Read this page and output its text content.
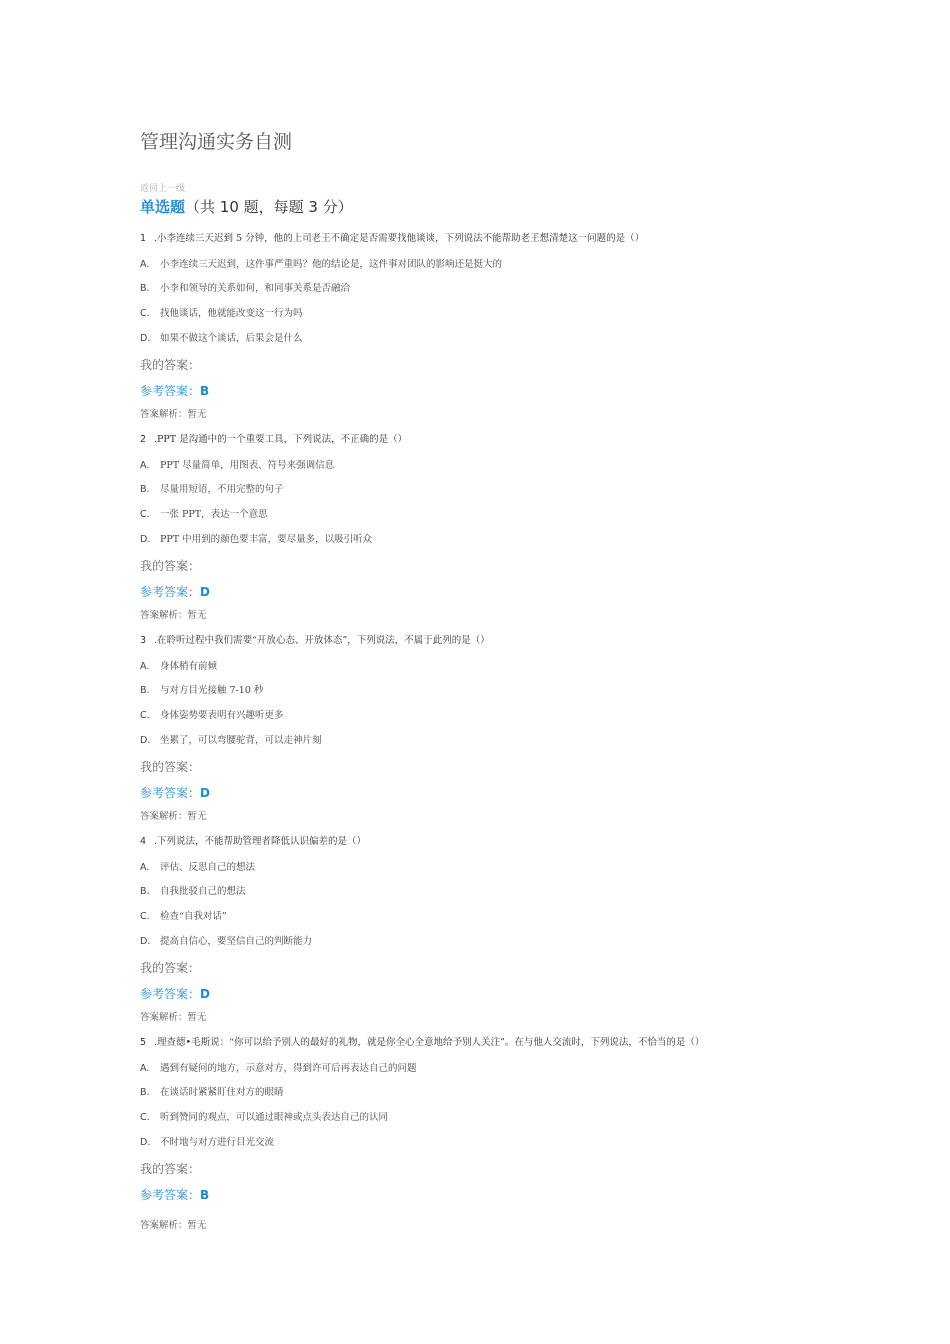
管理沟通实务自测
返回上一级
单选题（共 10 题，每题 3 分）
1 .小李连续三天迟到 5 分钟，他的上司老王不确定是否需要找他谈谈，下列说法不能帮助老王想清楚这一问题的是（）
A. 小李连续三天迟到，这件事严重吗？他的结论是，这件事对团队的影响还是挺大的
B. 小李和领导的关系如何，和同事关系是否融洽
C. 找他谈话，他就能改变这一行为吗
D. 如果不做这个谈话，后果会是什么
我的答案：
参考答案：B
答案解析：暂无
2 .PPT 是沟通中的一个重要工具，下列说法，不正确的是（）
A. PPT 尽量简单，用图表、符号来强调信息
B. 尽量用短语，不用完整的句子
C. 一张 PPT，表达一个意思
D. PPT 中用到的颜色要丰富，要尽量多，以吸引听众
我的答案：
参考答案：D
答案解析：暂无
3 .在聆听过程中我们需要“开放心态、开放体态”，下列说法，不属于此列的是（）
A. 身体稍有前倾
B. 与对方目光接触 7-10 秒
C. 身体姿势要表明有兴趣听更多
D. 坐累了，可以弯腰驼背，可以走神片刻
我的答案：
参考答案：D
答案解析：暂无
4 .下列说法，不能帮助管理者降低认识偏差的是（）
A. 评估、反思自己的想法
B. 自我批驳自己的想法
C. 检查“自我对话”
D. 提高自信心，要坚信自己的判断能力
我的答案：
参考答案：D
答案解析：暂无
5 .理查德•毛斯说：“你可以给予别人的最好的礼物，就是你全心全意地给予别人关注”。在与他人交流时，下列说法，不恰当的是（）
A. 遇到有疑问的地方，示意对方，得到许可后再表达自己的问题
B. 在谈话时紧紧盯住对方的眼睛
C. 听到赞同的观点，可以通过眼神或点头表达自己的认同
D. 不时地与对方进行目光交流
我的答案：
参考答案：B
答案解析：暂无
